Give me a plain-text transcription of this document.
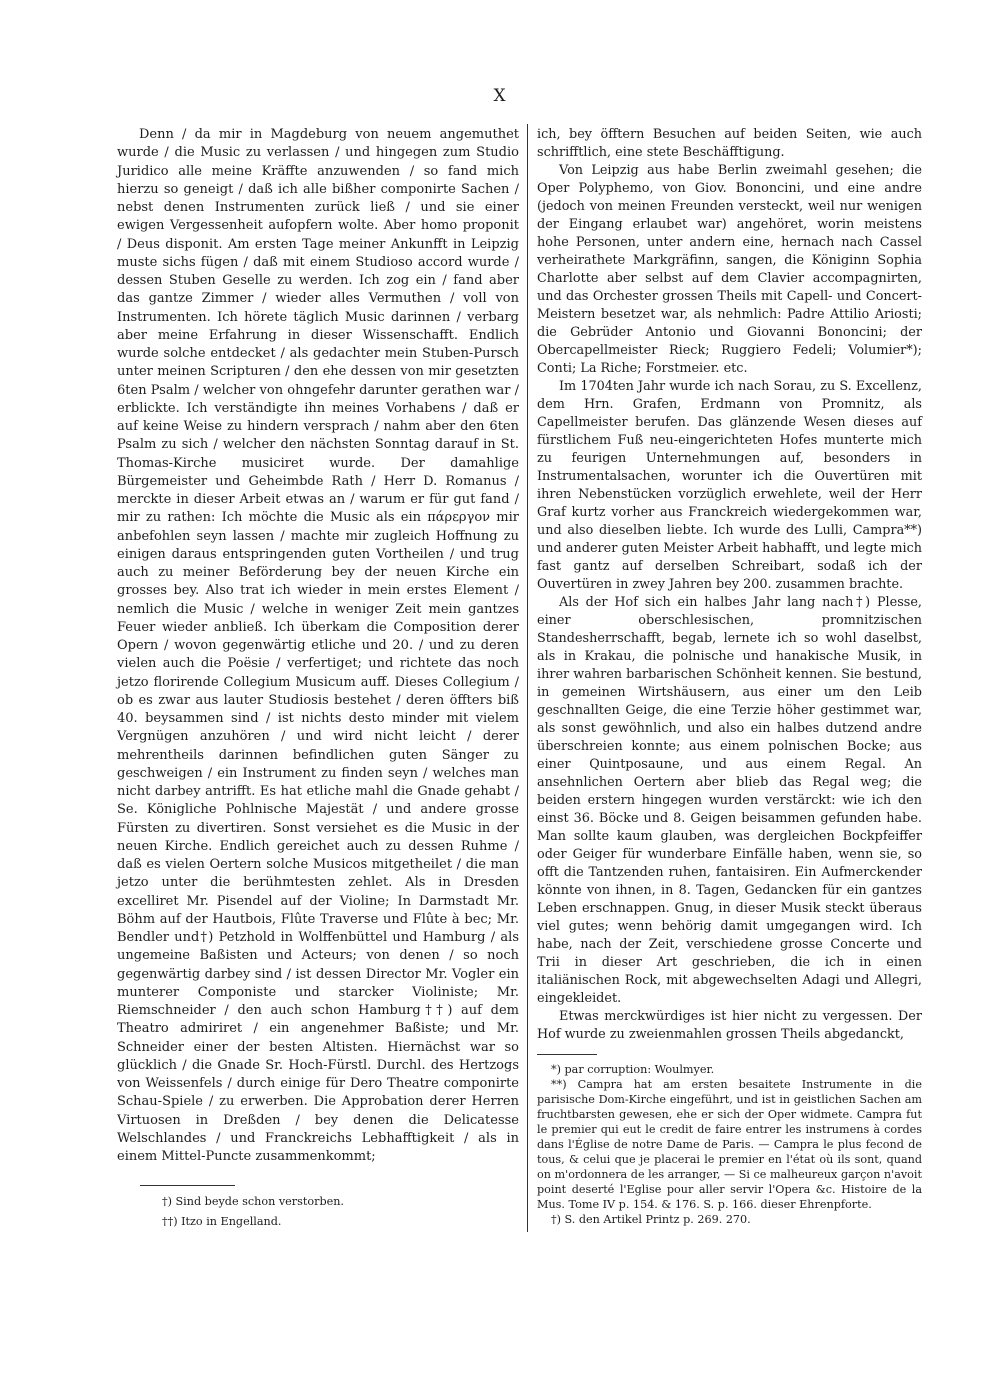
X

Denn / da mir in Magdeburg von neuem angemuthet wurde / die Music zu verlassen / und hingegen zum Studio Juridico alle meine Kräffte anzuwenden / so fand mich hierzu so geneigt / daß ich alle bißher componirte Sachen / nebst denen Instrumenten zurück ließ / und sie einer ewigen Vergessenheit aufopfern wolte. Aber homo proponit / Deus disponit. Am ersten Tage meiner Ankunfft in Leipzig muste sichs fügen / daß mit einem Studioso accord wurde / dessen Stuben Geselle zu werden. Ich zog ein / fand aber das gantze Zimmer / wieder alles Vermuthen / voll von Instrumenten. Ich hörete täglich Music darinnen / verbarg aber meine Erfahrung in dieser Wissenschafft. Endlich wurde solche entdecket / als gedachter mein Stuben-Pursch unter meinen Scripturen / den ehe dessen von mir gesetzten 6ten Psalm / welcher von ohngefehr darunter gerathen war / erblickte. Ich verständigte ihn meines Vorhabens / daß er auf keine Weise zu hindern versprach / nahm aber den 6ten Psalm zu sich / welcher den nächsten Sonntag darauf in St. Thomas-Kirche musiciret wurde. Der damahlige Bürgemeister und Geheimbde Rath / Herr D. Romanus / merckte in dieser Arbeit etwas an / warum er für gut fand / mir zu rathen: Ich möchte die Music als ein πάρεργον mir anbefohlen seyn lassen / machte mir zugleich Hoffnung zu einigen daraus entspringenden guten Vortheilen / und trug auch zu meiner Beförderung bey der neuen Kirche ein grosses bey. Also trat ich wieder in mein erstes Element / nemlich die Music / welche in weniger Zeit mein gantzes Feuer wieder anbließ. Ich überkam die Composition derer Opern / wovon gegenwärtig etliche und 20. / und zu deren vielen auch die Poësie / verfertiget; und richtete das noch jetzo florirende Collegium Musicum auff. Dieses Collegium / ob es zwar aus lauter Studiosis bestehet / deren öffters biß 40. beysammen sind / ist nichts desto minder mit vielem Vergnügen anzuhören / und wird nicht leicht / derer mehrentheils darinnen befindlichen guten Sänger zu geschweigen / ein Instrument zu finden seyn / welches man nicht darbey antrifft. Es hat etliche mahl die Gnade gehabt / Se. Königliche Pohlnische Majestät / und andere grosse Fürsten zu divertiren. Sonst versiehet es die Music in der neuen Kirche. Endlich gereichet auch zu dessen Ruhme / daß es vielen Oertern solche Musicos mitgetheilet / die man jetzo unter die berühmtesten zehlet. Als in Dresden excelliret Mr. Pisendel auf der Violine; In Darmstadt Mr. Böhm auf der Hautbois, Flûte Traverse und Flûte à bec; Mr. Bendler und†) Petzhold in Wolffenbüttel und Hamburg / als ungemeine Baßisten und Acteurs; von denen / so noch gegenwärtig darbey sind / ist dessen Director Mr. Vogler ein munterer Componiste und starcker Violiniste; Mr. Riemschneider / den auch schon Hamburg††) auf dem Theatro admiriret / ein angenehmer Baßiste; und Mr. Schneider einer der besten Altisten. Hiernächst war so glücklich / die Gnade Sr. Hoch-Fürstl. Durchl. des Hertzogs von Weissenfels / durch einige für Dero Theatre componirte Schau-Spiele / zu erwerben. Die Approbation derer Herren Virtuosen in Dreßden / bey denen die Delicatesse Welschlandes / und Franckreichs Lebhafftigkeit / als in einem Mittel-Puncte zusammenkommt;

ich, bey öfftern Besuchen auf beiden Seiten, wie auch schrifftlich, eine stete Beschäfftigung.

Von Leipzig aus habe Berlin zweimahl gesehen; die Oper Polyphemo, von Giov. Bononcini, und eine andre (jedoch von meinen Freunden versteckt, weil nur wenigen der Eingang erlaubet war) angehöret, worin meistens hohe Personen, unter andern eine, hernach nach Cassel verheirathete Markgräfinn, sangen, die Königinn Sophia Charlotte aber selbst auf dem Clavier accompagnirten, und das Orchester grossen Theils mit Capell- und Concert-Meistern besetzet war, als nehmlich: Padre Attilio Ariosti; die Gebrüder Antonio und Giovanni Bononcini; der Obercapellmeister Rieck; Ruggiero Fedeli; Volumier*); Conti; La Riche; Forstmeier. etc.

Im 1704ten Jahr wurde ich nach Sorau, zu S. Excellenz, dem Hrn. Grafen, Erdmann von Promnitz, als Capellmeister berufen. Das glänzende Wesen dieses auf fürstlichem Fuß neu-eingerichteten Hofes munterte mich zu feurigen Unternehmungen auf, besonders in Instrumentalsachen, worunter ich die Ouvertüren mit ihren Nebenstücken vorzüglich erwehlete, weil der Herr Graf kurtz vorher aus Franckreich wiedergekommen war, und also dieselben liebte. Ich wurde des Lulli, Campra**) und anderer guten Meister Arbeit habhafft, und legte mich fast gantz auf derselben Schreibart, sodaß ich der Ouvertüren in zwey Jahren bey 200. zusammen brachte.

Als der Hof sich ein halbes Jahr lang nach†) Plesse, einer oberschlesischen, promnitzischen Standesherrschafft, begab, lernete ich so wohl daselbst, als in Krakau, die polnische und hanakische Musik, in ihrer wahren barbarischen Schönheit kennen. Sie bestund, in gemeinen Wirtshäusern, aus einer um den Leib geschnallten Geige, die eine Terzie höher gestimmet war, als sonst gewöhnlich, und also ein halbes dutzend andre überschreien konnte; aus einem polnischen Bocke; aus einer Quintposaune, und aus einem Regal. An ansehnlichen Oertern aber blieb das Regal weg; die beiden erstern hingegen wurden verstärckt: wie ich den einst 36. Böcke und 8. Geigen beisammen gefunden habe. Man sollte kaum glauben, was dergleichen Bockpfeiffer oder Geiger für wunderbare Einfälle haben, wenn sie, so offt die Tantzenden ruhen, fantaisiren. Ein Aufmerckender könnte von ihnen, in 8. Tagen, Gedancken für ein gantzes Leben erschnappen. Gnug, in dieser Musik steckt überaus viel gutes; wenn behörig damit umgegangen wird. Ich habe, nach der Zeit, verschiedene grosse Concerte und Trii in dieser Art geschrieben, die ich in einen italiänischen Rock, mit abgewechselten Adagi und Allegri, eingekleidet.

Etwas merckwürdiges ist hier nicht zu vergessen. Der Hof wurde zu zweienmahlen grossen Theils abgedanckt,

†) Sind beyde schon verstorben.

††) Itzo in Engelland.

*) par corruption: Woulmyer.

**) Campra hat am ersten besaitete Instrumente in die parisische Dom-Kirche eingeführt, und ist in geistlichen Sachen am fruchtbarsten gewesen, ehe er sich der Oper widmete. Campra fut le premier qui eut le credit de faire entrer les instrumens à cordes dans l'Église de notre Dame de Paris. — Campra le plus fecond de tous, & celui que je placerai le premier en l'état où ils sont, quand on m'ordonnera de les arranger, — Si ce malheureux garçon n'avoit point deserté l'Eglise pour aller servir l'Opera &c. Histoire de la Mus. Tome IV p. 154. & 176. S. p. 166. dieser Ehrenpforte.

†) S. den Artikel Printz p. 269. 270.
